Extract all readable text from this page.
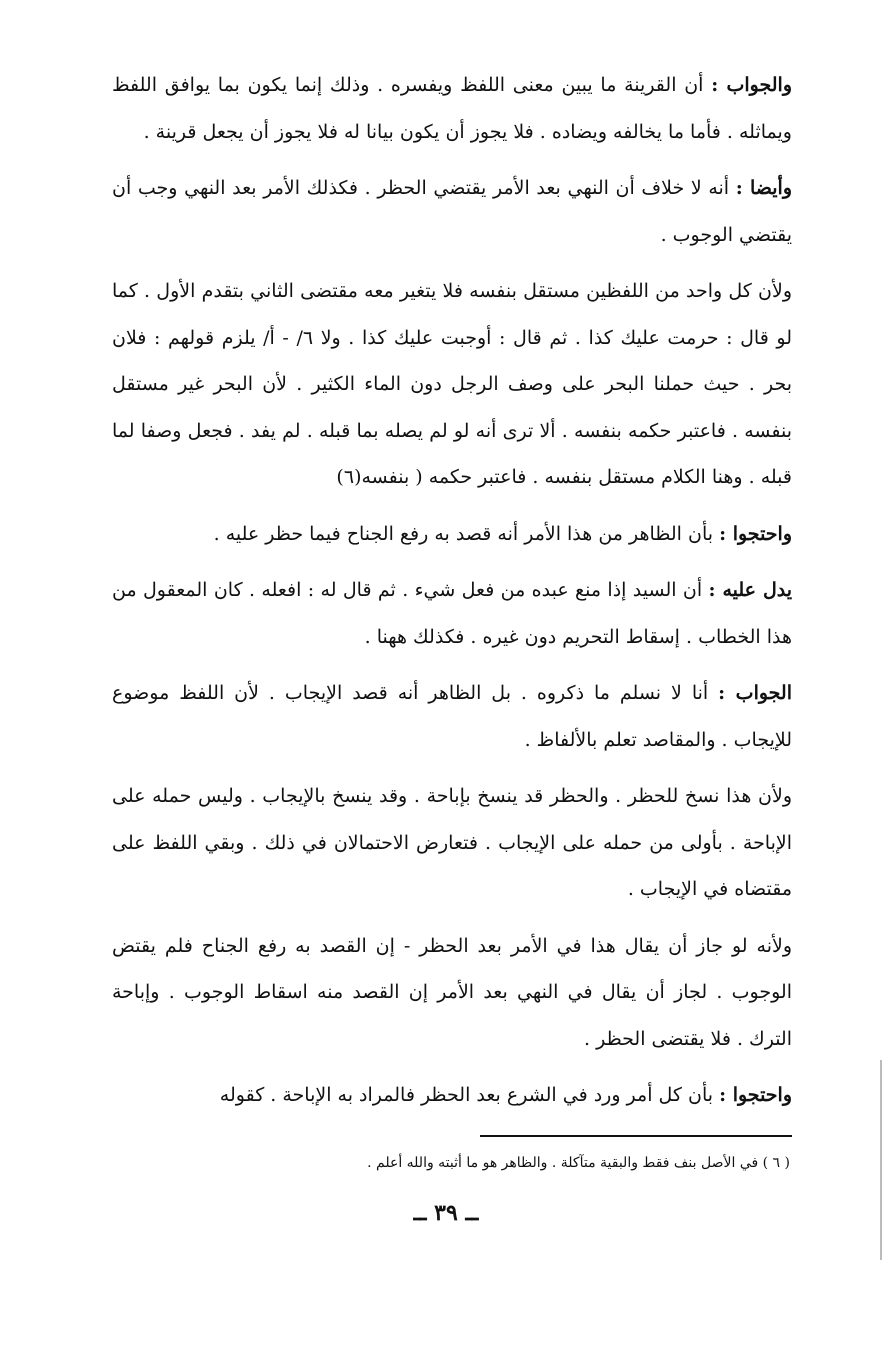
والجواب : أن القرينة ما يبين معنى اللفظ ويفسره . وذلك إنما يكون بما يوافق اللفظ ويماثله . فأما ما يخالفه ويضاده . فلا يجوز أن يكون بيانا له فلا يجوز أن يجعل قرينة .

وأيضا : أنه لا خلاف أن النهي بعد الأمر يقتضي الحظر . فكذلك الأمر بعد النهي وجب أن يقتضي الوجوب .

ولأن كل واحد من اللفظين مستقل بنفسه فلا يتغير معه مقتضى الثاني بتقدم الأول . كما لو قال : حرمت عليك كذا . ثم قال : أوجبت عليك كذا . ولا ٦/ - أ/ يلزم قولهم : فلان بحر . حيث حملنا البحر على وصف الرجل دون الماء الكثير . لأن البحر غير مستقل بنفسه . فاعتبر حكمه بنفسه . ألا ترى أنه لو لم يصله بما قبله . لم يفد . فجعل وصفا لما قبله . وهنا الكلام مستقل بنفسه . فاعتبر حكمه ( بنفسه(٦)

واحتجوا : بأن الظاهر من هذا الأمر أنه قصد به رفع الجناح فيما حظر عليه .

يدل عليه : أن السيد إذا منع عبده من فعل شيء . ثم قال له : افعله . كان المعقول من هذا الخطاب . إسقاط التحريم دون غيره . فكذلك ههنا .

الجواب : أنا لا نسلم ما ذكروه . بل الظاهر أنه قصد الإيجاب . لأن اللفظ موضوع للإيجاب . والمقاصد تعلم بالألفاظ .

ولأن هذا نسخ للحظر . والحظر قد ينسخ بإباحة . وقد ينسخ بالإيجاب . وليس حمله على الإباحة . بأولى من حمله على الإيجاب . فتعارض الاحتمالان في ذلك . وبقي اللفظ على مقتضاه في الإيجاب .

ولأنه لو جاز أن يقال هذا في الأمر بعد الحظر - إن القصد به رفع الجناح فلم يقتض الوجوب . لجاز أن يقال في النهي بعد الأمر إن القصد منه اسقاط الوجوب . وإباحة الترك . فلا يقتضى الحظر .

واحتجوا : بأن كل أمر ورد في الشرع بعد الحظر فالمراد به الإباحة . كقوله

( ٦ ) في الأصل بنف فقط والبقية متآكلة . والظاهر هو ما أثبته والله أعلم .
ــ ٣٩ ــ
